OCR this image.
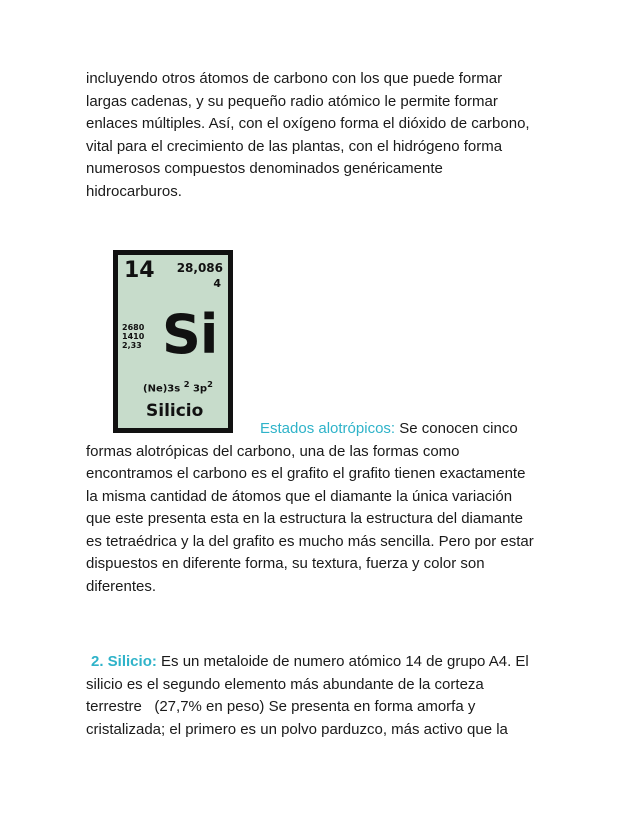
incluyendo otros átomos de carbono con los que puede formar
largas cadenas, y su pequeño radio atómico le permite formar
enlaces múltiples. Así, con el oxígeno forma el dióxido de carbono,
vital para el crecimiento de las plantas, con el hidrógeno forma
numerosos compuestos denominados genéricamente
hidrocarburos.
14 28,086
4
2680
1410
2,33 Si
(Ne)3s $^2$ $3p^2$
Silicio
Estados alotrópicos: Se conocen cinco
formas alotrópicas del carbono, una de las formas como
encontramos el carbono es el grafito el grafito tienen exactamente
la misma cantidad de átomos que el diamante la única variación
que este presenta esta en la estructura la estructura del diamante
es tetraédrica y la del grafito es mucho más sencilla. Pero por estar
dispuestos en diferente forma, su textura, fuerza y color son
diferentes.
2. Silicio: Es un metaloide de numero atómico 14 de grupo A4. El
silicio es el segundo elemento más abundante de la corteza
terrestre   (27,7% en peso) Se presenta en forma amorfa y
cristalizada; el primero es un polvo parduzco, más activo que la
